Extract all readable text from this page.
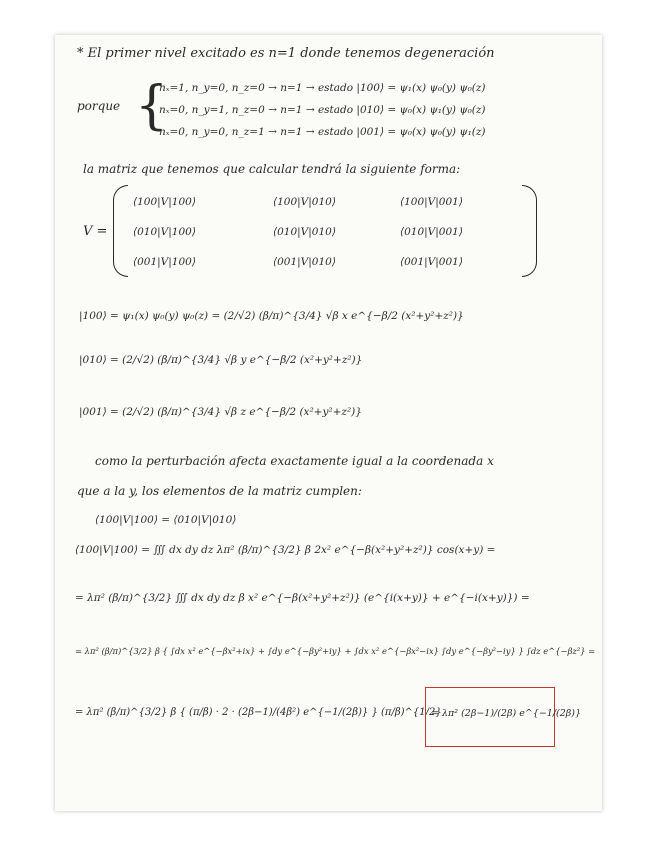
* El primer nivel excitado es n=1 donde tenemos degeneración
porque {
nₓ=1, n_y=0, n_z=0 → n=1 → estado |100⟩ = ψ₁(x) ψ₀(y) ψ₀(z)
nₓ=0, n_y=1, n_z=0 → n=1 → estado |010⟩ = ψ₀(x) ψ₁(y) ψ₀(z)
nₓ=0, n_y=0, n_z=1 → n=1 → estado |001⟩ = ψ₀(x) ψ₀(y) ψ₁(z)
la matriz que tenemos que calcular tendrá la siguiente forma:
V =
⟨100|V|100⟩	⟨100|V|010⟩	⟨100|V|001⟩
⟨010|V|100⟩	⟨010|V|010⟩	⟨010|V|001⟩
⟨001|V|100⟩	⟨001|V|010⟩	⟨001|V|001⟩
|100⟩ = ψ₁(x) ψ₀(y) ψ₀(z) = (2/√2) (β/π)^{3/4} √β x e^{−β/2 (x²+y²+z²)}
|010⟩ = (2/√2) (β/π)^{3/4} √β y e^{−β/2 (x²+y²+z²)}
|001⟩ = (2/√2) (β/π)^{3/4} √β z e^{−β/2 (x²+y²+z²)}
como la perturbación afecta exactamente igual a la coordenada x
que a la y, los elementos de la matriz cumplen:
⟨100|V|100⟩ = ⟨010|V|010⟩
⟨100|V|100⟩ = ∭ dx dy dz λπ² (β/π)^{3/2} β 2x² e^{−β(x²+y²+z²)} cos(x+y) =
= λπ² (β/π)^{3/2} ∭ dx dy dz β x² e^{−β(x²+y²+z²)} (e^{i(x+y)} + e^{−i(x+y)}) =
= λπ² (β/π)^{3/2} β { ∫dx x² e^{−βx²+ix} + ∫dy e^{−βy²+iy} + ∫dx x² e^{−βx²−ix} ∫dy e^{−βy²−iy} } ∫dz e^{−βz²} =
= λπ² (β/π)^{3/2} β { (π/β) · 2 · (2β−1)/(4β²) e^{−1/(2β)} } (π/β)^{1/2}
= λπ² (2β−1)/(2β) e^{−1/(2β)}
